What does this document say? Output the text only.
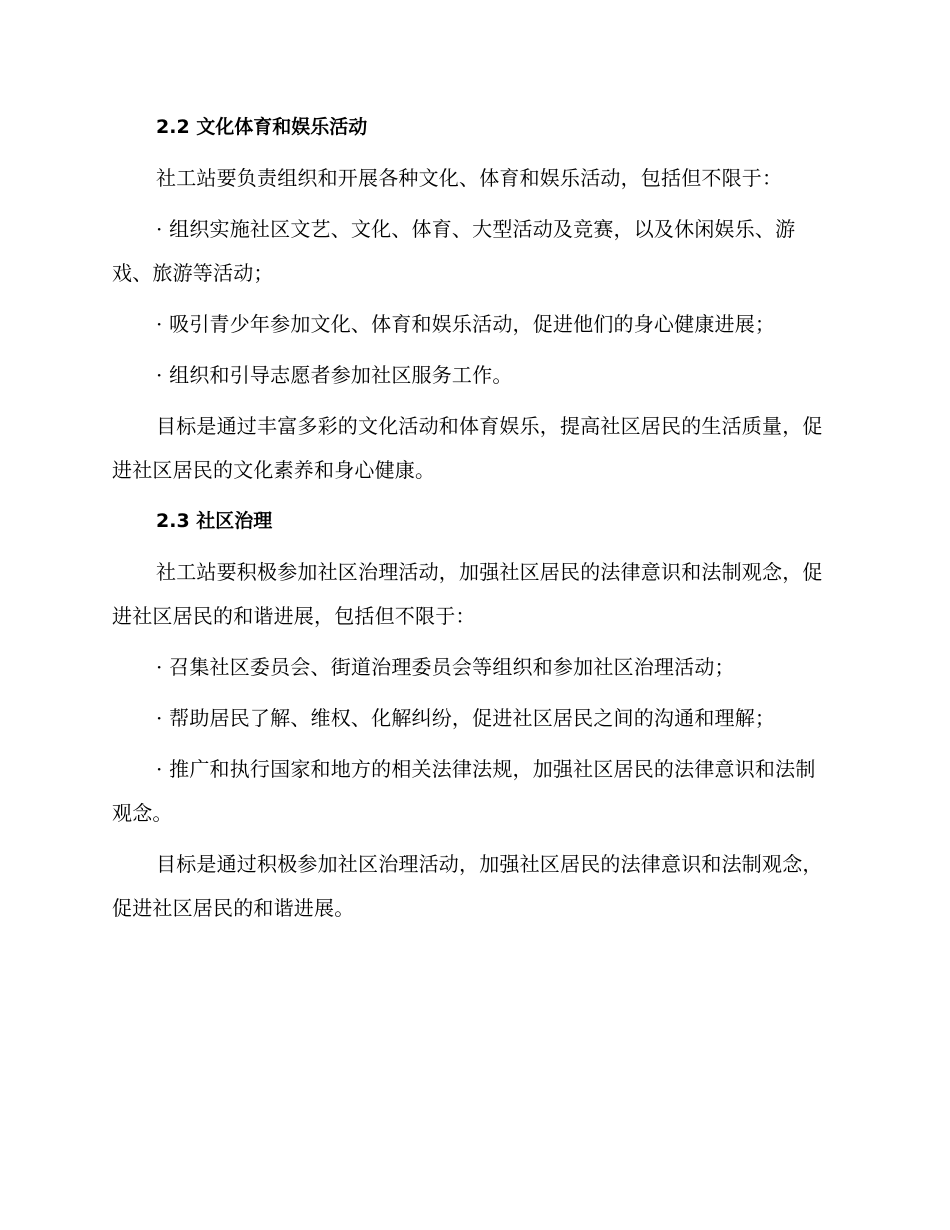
2.2 文化体育和娱乐活动

社工站要负责组织和开展各种文化、体育和娱乐活动，包括但不限于：

· 组织实施社区文艺、文化、体育、大型活动及竞赛，以及休闲娱乐、游戏、旅游等活动；

· 吸引青少年参加文化、体育和娱乐活动，促进他们的身心健康进展；

· 组织和引导志愿者参加社区服务工作。

目标是通过丰富多彩的文化活动和体育娱乐，提高社区居民的生活质量，促进社区居民的文化素养和身心健康。

2.3 社区治理

社工站要积极参加社区治理活动，加强社区居民的法律意识和法制观念，促进社区居民的和谐进展，包括但不限于：

· 召集社区委员会、街道治理委员会等组织和参加社区治理活动；

· 帮助居民了解、维权、化解纠纷，促进社区居民之间的沟通和理解；

· 推广和执行国家和地方的相关法律法规，加强社区居民的法律意识和法制观念。

目标是通过积极参加社区治理活动，加强社区居民的法律意识和法制观念，促进社区居民的和谐进展。
